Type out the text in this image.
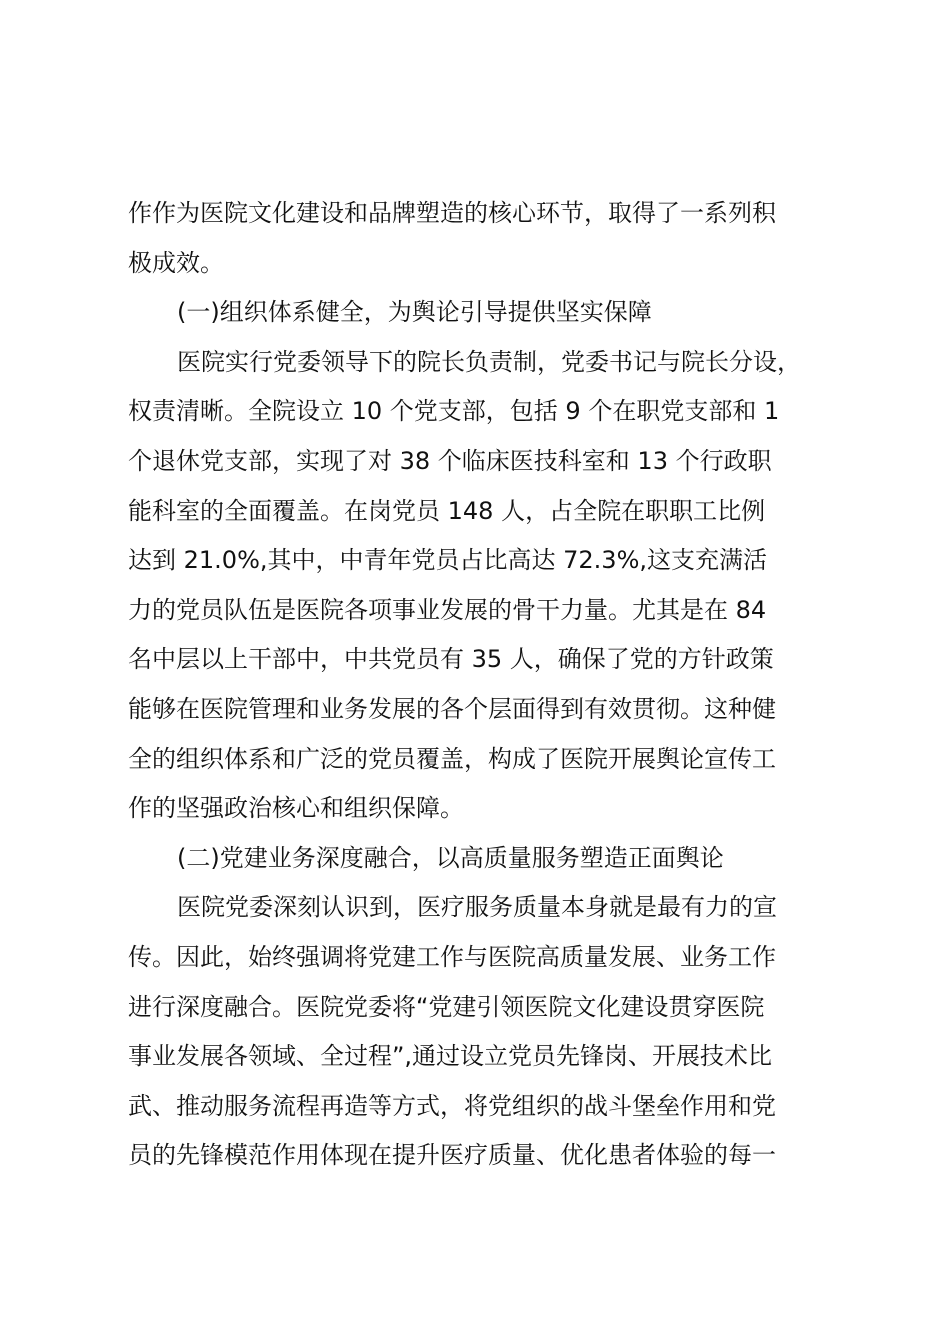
作作为医院文化建设和品牌塑造的核心环节，取得了一系列积
极成效。
(一)组织体系健全，为舆论引导提供坚实保障
医院实行党委领导下的院长负责制，党委书记与院长分设，
权责清晰。全院设立 10 个党支部，包括 9 个在职党支部和 1
个退休党支部，实现了对 38 个临床医技科室和 13 个行政职
能科室的全面覆盖。在岗党员 148 人，占全院在职职工比例
达到 21.0%,其中，中青年党员占比高达 72.3%,这支充满活
力的党员队伍是医院各项事业发展的骨干力量。尤其是在 84
名中层以上干部中，中共党员有 35 人，确保了党的方针政策
能够在医院管理和业务发展的各个层面得到有效贯彻。这种健
全的组织体系和广泛的党员覆盖，构成了医院开展舆论宣传工
作的坚强政治核心和组织保障。
(二)党建业务深度融合，以高质量服务塑造正面舆论
医院党委深刻认识到，医疗服务质量本身就是最有力的宣
传。因此，始终强调将党建工作与医院高质量发展、业务工作
进行深度融合。医院党委将“党建引领医院文化建设贯穿医院
事业发展各领域、全过程”,通过设立党员先锋岗、开展技术比
武、推动服务流程再造等方式，将党组织的战斗堡垒作用和党
员的先锋模范作用体现在提升医疗质量、优化患者体验的每一
